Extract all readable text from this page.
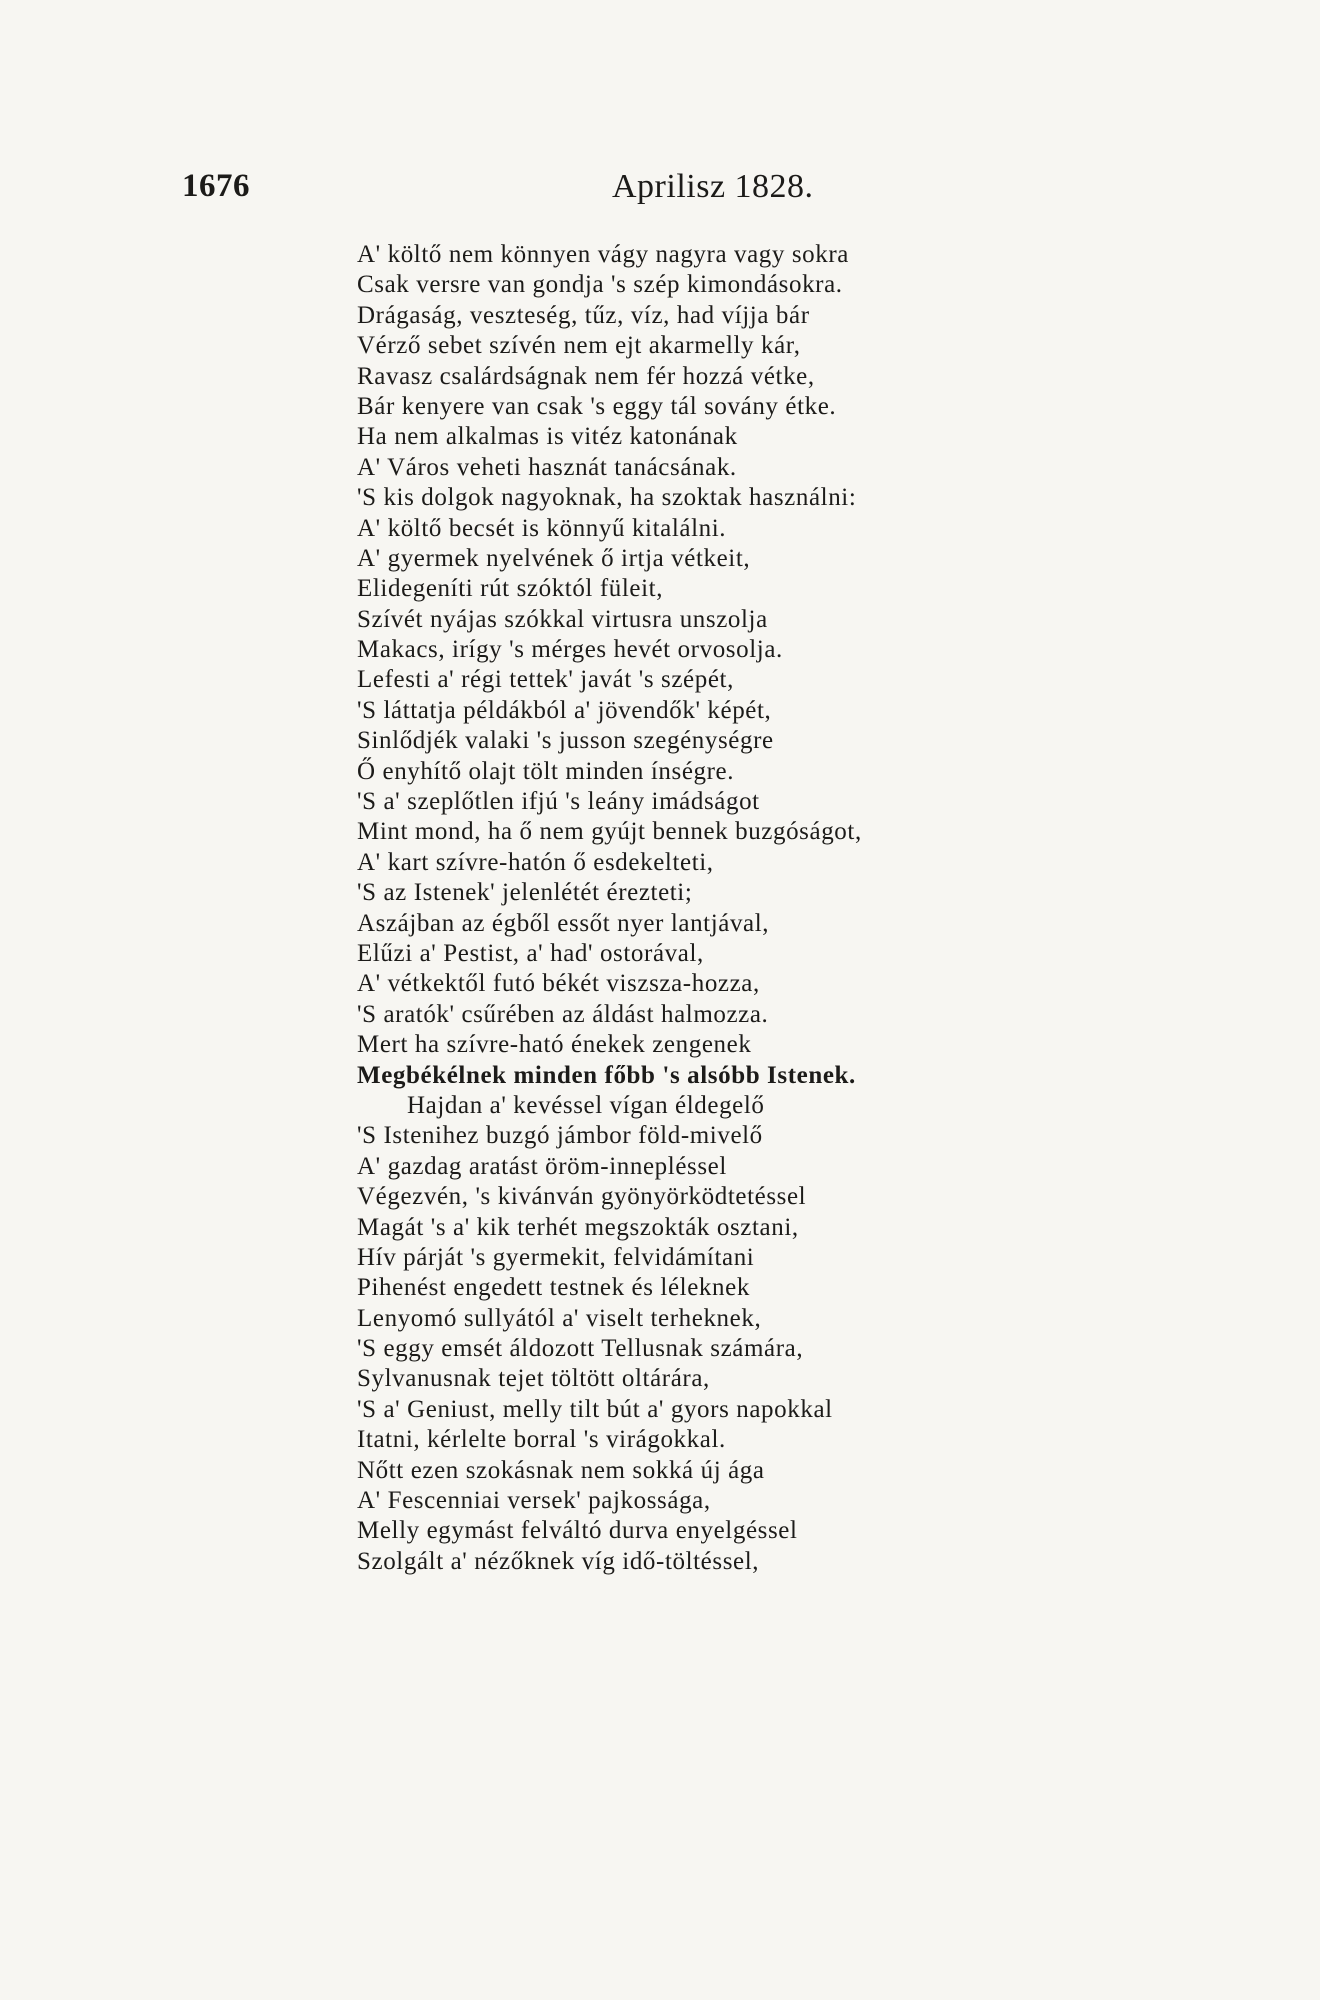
1676	Aprilisz 1828.
A' költő nem könnyen vágy nagyra vagy sokra
Csak versre van gondja 's szép kimondásokra.
Drágaság, veszteség, tűz, víz, had víjja bár
Vérző sebet szívén nem ejt akarmelly kár,
Ravasz csalárdságnak nem fér hozzá vétke,
Bár kenyere van csak 's eggy tál sovány étke.
Ha nem alkalmas is vitéz katonának
A' Város veheti hasznát tanácsának.
'S kis dolgok nagyoknak, ha szoktak használni:
A' költő becsét is könnyű kitalálni.
A' gyermek nyelvének ő irtja vétkeit,
Elidegeníti rút szóktól füleit,
Szívét nyájas szókkal virtusra unszolja
Makacs, irígy 's mérges hevét orvosolja.
Lefesti a' régi tettek' javát 's szépét,
'S láttatja példákból a' jövendők' képét,
Sinlődjék valaki 's jusson szegénységre
Ő enyhítő olajt tölt minden ínségre.
'S a' szeplőtlen ifjú 's leány imádságot
Mint mond, ha ő nem gyújt bennek buzgóságot,
A' kart szívre-hatón ő esdekelteti,
'S az Istenek' jelenlétét érezteti;
Aszájban az égből essőt nyer lantjával,
Elűzi a' Pestist, a' had' ostorával,
A' vétkektől futó békét viszsza-hozza,
'S aratók' csűrében az áldást halmozza.
Mert ha szívre-ható énekek zengenek
Megbékélnek minden főbb 's alsóbb Istenek.
Hajdan a' kevéssel vígan éldegelő
'S Istenihez buzgó jámbor föld-mivelő
A' gazdag aratást öröm-innepléssel
Végezvén, 's kivánván gyönyörködtetéssel
Magát 's a' kik terhét megszokták osztani,
Hív párját 's gyermekit, felvidámítani
Pihenést engedett testnek és léleknek
Lenyomó sullyától a' viselt terheknek,
'S eggy emsét áldozott Tellusnak számára,
Sylvanusnak tejet töltött oltárára,
'S a' Geniust, melly tilt bút a' gyors napokkal
Itatni, kérlelte borral 's virágokkal.
Nőtt ezen szokásnak nem sokká új ága
A' Fescenniai versek' pajkossága,
Melly egymást felváltó durva enyelgéssel
Szolgált a' nézőknek víg idő-töltéssel,
